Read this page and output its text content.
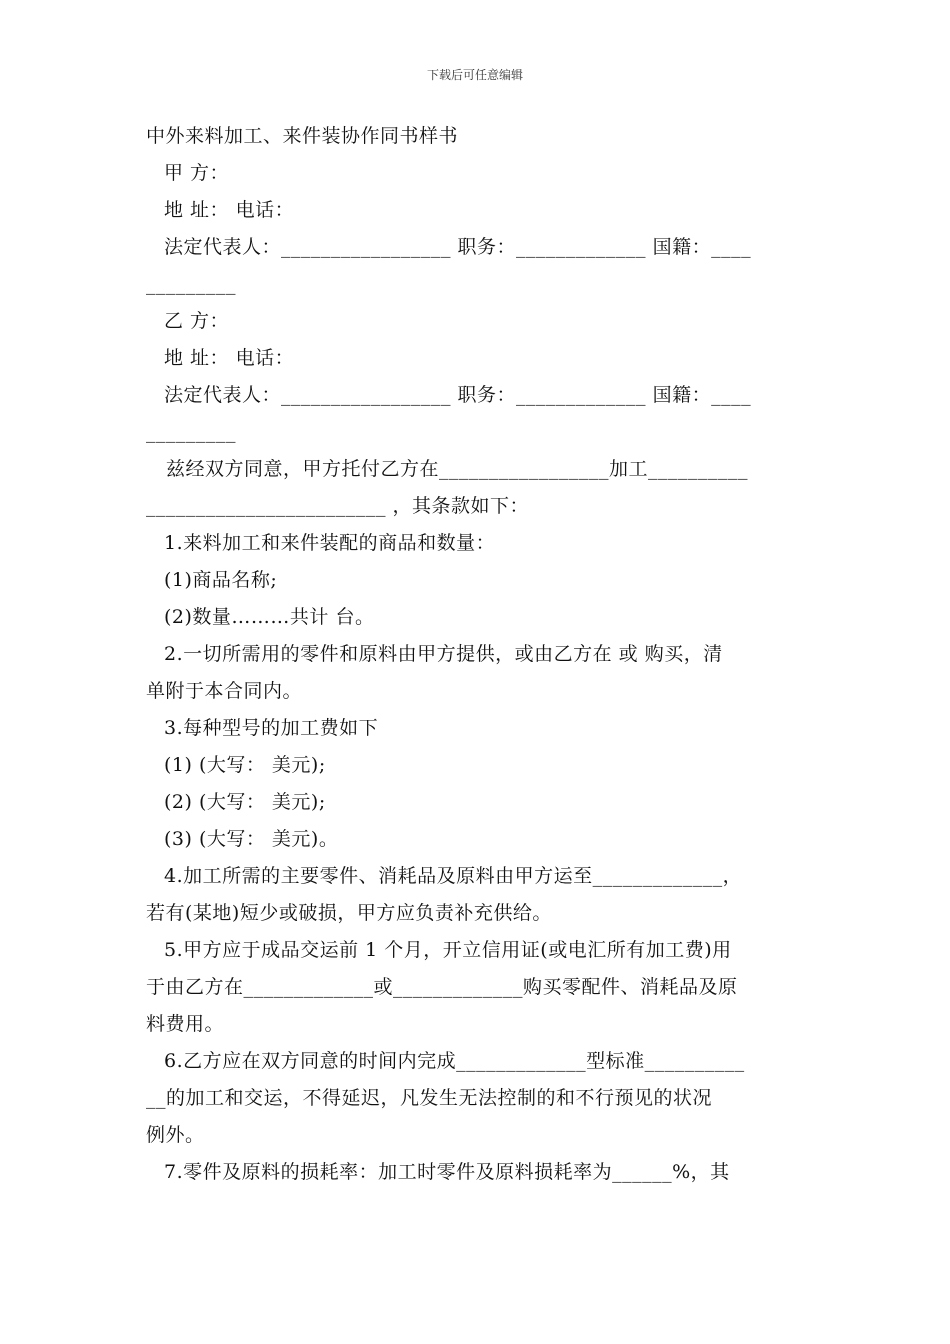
下载后可任意编辑
中外来料加工、来件装协作同书样书
甲 方：
地 址： 电话：
法定代表人：_________________ 职务：_____________ 国籍：____
_________
乙 方：
地 址： 电话：
法定代表人：_________________ 职务：_____________ 国籍：____
_________
兹经双方同意，甲方托付乙方在_________________加工__________
________________________ ，其条款如下：
1.来料加工和来件装配的商品和数量：
(1)商品名称;
(2)数量………共计 台。
2.一切所需用的零件和原料由甲方提供，或由乙方在 或 购买，清
单附于本合同内。
3.每种型号的加工费如下
(1) (大写： 美元);
(2) (大写： 美元);
(3) (大写： 美元)。
4.加工所需的主要零件、消耗品及原料由甲方运至_____________，
若有(某地)短少或破损，甲方应负责补充供给。
5.甲方应于成品交运前 1 个月，开立信用证(或电汇所有加工费)用
于由乙方在_____________或_____________购买零配件、消耗品及原
料费用。
6.乙方应在双方同意的时间内完成_____________型标准__________
__的加工和交运，不得延迟，凡发生无法控制的和不行预见的状况
例外。
7.零件及原料的损耗率：加工时零件及原料损耗率为______%，其
